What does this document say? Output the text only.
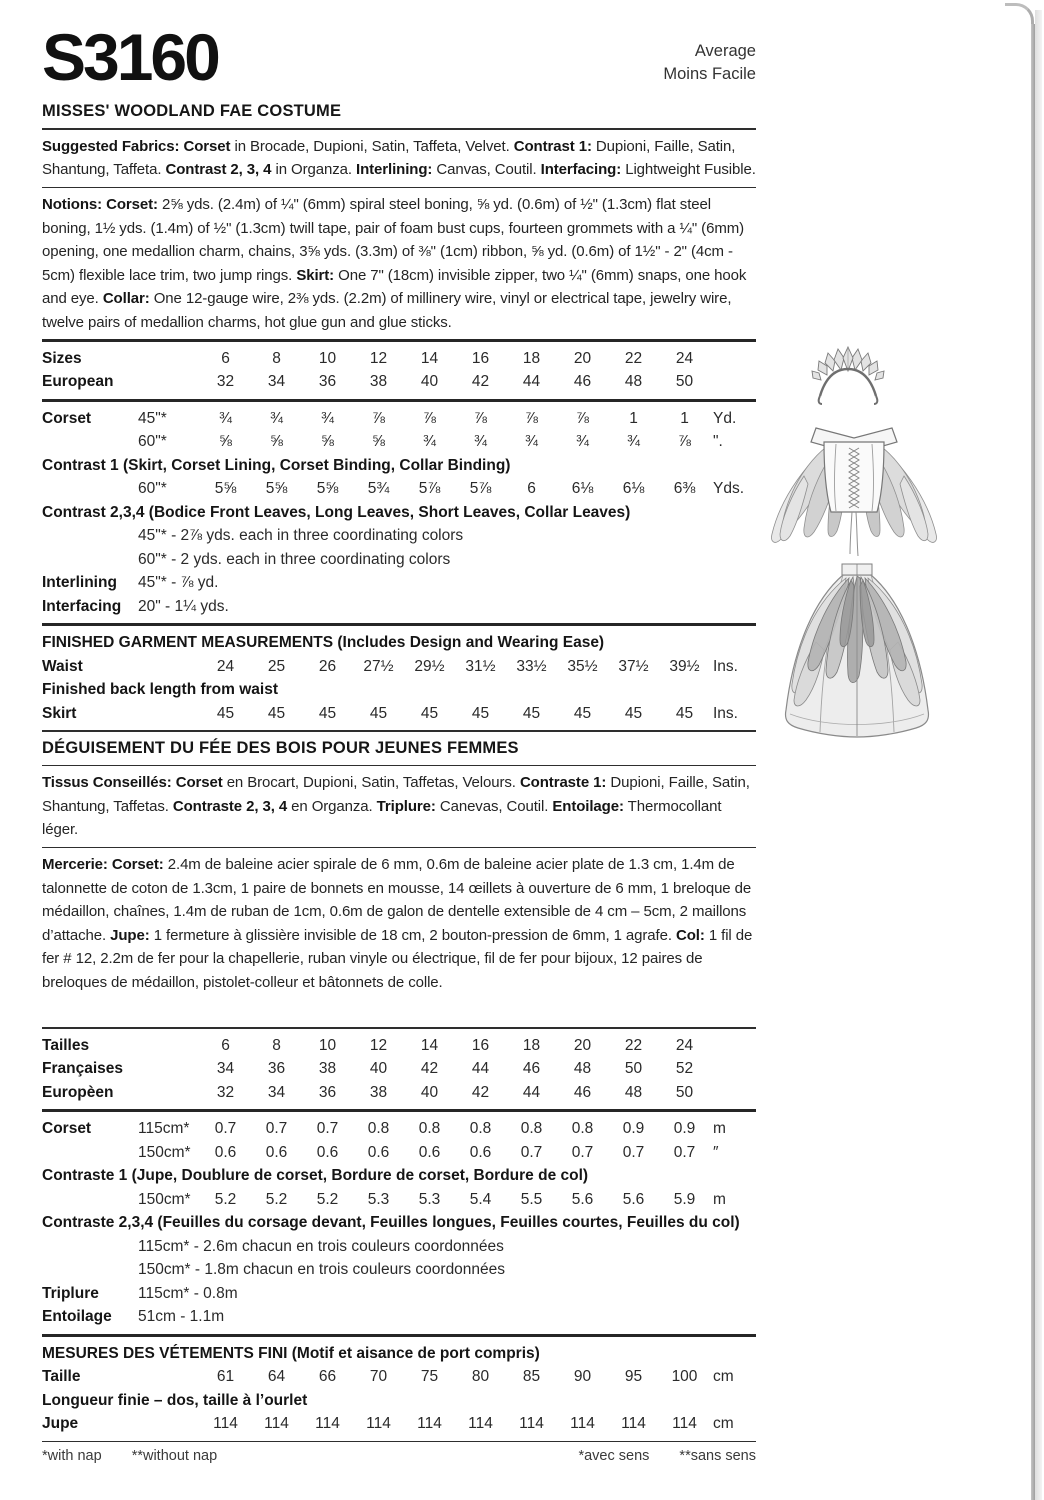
S3160	Average
Moins Facile
MISSES' WOODLAND FAE COSTUME

Suggested Fabrics: Corset in Brocade, Dupioni, Satin, Taffeta, Velvet. Contrast 1: Dupioni, Faille, Satin, Shantung, Taffeta. Contrast 2, 3, 4 in Organza. Interlining: Canvas, Coutil. Interfacing: Lightweight Fusible.

Notions: Corset: 2⅝ yds. (2.4m) of ¼" (6mm) spiral steel boning, ⅝ yd. (0.6m) of ½" (1.3cm) flat steel boning, 1½ yds. (1.4m) of ½" (1.3cm) twill tape, pair of foam bust cups, fourteen grommets with a ¼" (6mm) opening, one medallion charm, chains, 3⅝ yds. (3.3m) of ⅜" (1cm) ribbon, ⅝ yd. (0.6m) of 1½" - 2" (4cm - 5cm) flexible lace trim, two jump rings. Skirt: One 7" (18cm) invisible zipper, two ¼" (6mm) snaps, one hook and eye. Collar: One 12-gauge wire, 2⅜ yds. (2.2m) of millinery wire, vinyl or electrical tape, jewelry wire, twelve pairs of medallion charms, hot glue gun and glue sticks.

Sizes	6	8	10	12	14	16	18	20	22	24
European	32	34	36	38	40	42	44	46	48	50
Corset	45"*	¾	¾	¾	⅞	⅞	⅞	⅞	⅞	1	1	Yd.
60"*	⅝	⅝	⅝	⅝	¾	¾	¾	¾	¾	⅞	".
Contrast 1 (Skirt, Corset Lining, Corset Binding, Collar Binding)
60"*	5⅝	5⅝	5⅝	5¾	5⅞	5⅞	6	6⅛	6⅛	6⅜	Yds.
Contrast 2,3,4 (Bodice Front Leaves, Long Leaves, Short Leaves, Collar Leaves)
45"* - 2⅞ yds. each in three coordinating colors
60"* - 2 yds. each in three coordinating colors
Interlining	45"* - ⅞ yd.
Interfacing	20" - 1¼ yds.
FINISHED GARMENT MEASUREMENTS (Includes Design and Wearing Ease)
Waist	24	25	26	27½	29½	31½	33½	35½	37½	39½ Ins.
Finished back length from waist
Skirt	45	45	45	45	45	45	45	45	45	45	Ins.
DÉGUISEMENT DU FÉE DES BOIS POUR JEUNES FEMMES

Tissus Conseillés: Corset en Brocart, Dupioni, Satin, Taffetas, Velours. Contraste 1: Dupioni, Faille, Satin, Shantung, Taffetas. Contraste 2, 3, 4 en Organza. Triplure: Canevas, Coutil. Entoilage: Thermocollant léger.

Mercerie: Corset: 2.4m de baleine acier spirale de 6 mm, 0.6m de baleine acier plate de 1.3 cm, 1.4m de talonnette de coton de 1.3cm, 1 paire de bonnets en mousse, 14 œillets à ouverture de 6 mm, 1 breloque de médaillon, chaînes, 1.4m de ruban de 1cm, 0.6m de galon de dentelle extensible de 4 cm – 5cm, 2 maillons d’attache. Jupe: 1 fermeture à glissière invisible de 18 cm, 2 bouton-pression de 6mm, 1 agrafe. Col: 1 fil de fer # 12, 2.2m de fer pour la chapellerie, ruban vinyle ou électrique, fil de fer pour bijoux, 12 paires de breloques de médaillon, pistolet-colleur et bâtonnets de colle.

Tailles	6	8	10	12	14	16	18	20	22	24
Françaises	34	36	38	40	42	44	46	48	50	52
Europèen	32	34	36	38	40	42	44	46	48	50
Corset	115cm*	0.7	0.7	0.7	0.8	0.8	0.8	0.8	0.8	0.9	0.9	m
150cm*	0.6	0.6	0.6	0.6	0.6	0.6	0.7	0.7	0.7	0.7	″
Contraste 1 (Jupe, Doublure de corset, Bordure de corset, Bordure de col)
150cm*	5.2	5.2	5.2	5.3	5.3	5.4	5.5	5.6	5.6	5.9	m
Contraste 2,3,4 (Feuilles du corsage devant, Feuilles longues, Feuilles courtes, Feuilles du col)
115cm* - 2.6m chacun en trois couleurs coordonnées
150cm* - 1.8m chacun en trois couleurs coordonnées
Triplure	115cm* - 0.8m
Entoilage	51cm - 1.1m
MESURES DES VÉTEMENTS FINI (Motif et aisance de port compris)
Taille	61	64	66	70	75	80	85	90	95	100	cm
Longueur finie – dos, taille à l’ourlet
Jupe	114	114	114	114	114	114	114	114	114	114	cm
*with nap **without nap	*avec sens **sans sens
